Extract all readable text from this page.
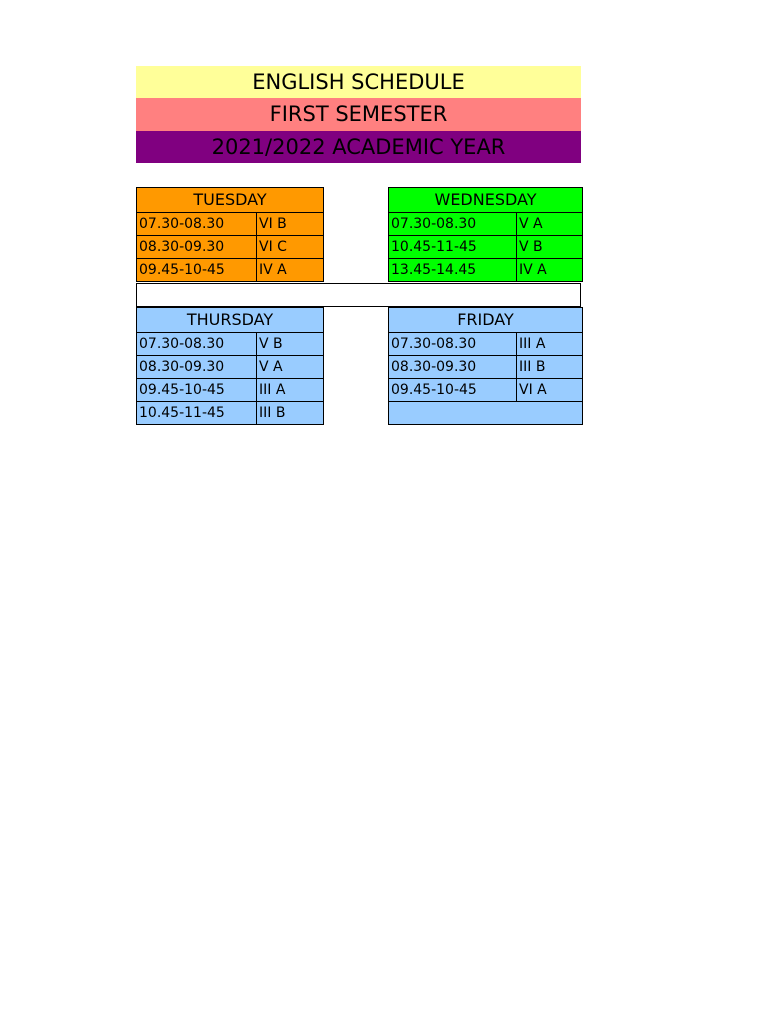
ENGLISH SCHEDULE
FIRST SEMESTER
2021/2022 ACADEMIC YEAR
TUESDAY	
07.30-08.30	VI B
08.30-09.30	VI C
09.45-10-45	IV A
WEDNESDAY	
07.30-08.30	V A
10.45-11-45	V B
13.45-14.45	IV A
THURSDAY	
07.30-08.30	V B
08.30-09.30	V A
09.45-10-45	III A
10.45-11-45	III B
FRIDAY	
07.30-08.30	III A
08.30-09.30	III B
09.45-10-45	VI A
